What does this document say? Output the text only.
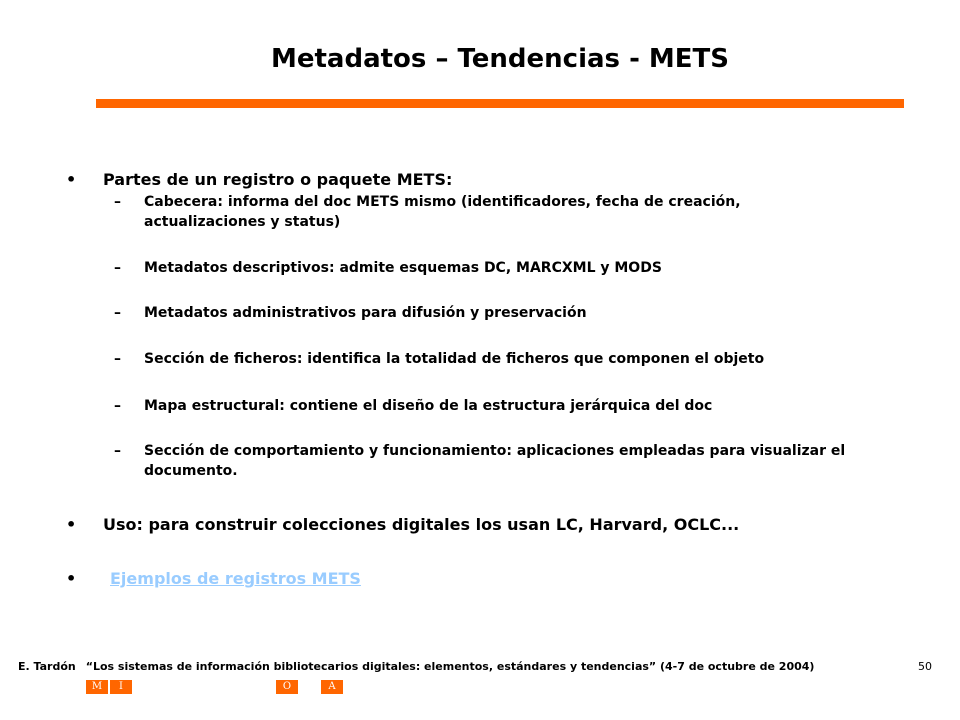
Metadatos – Tendencias - METS
• Partes de un registro o paquete METS:
– Cabecera: informa del doc METS mismo (identificadores, fecha de creación, actualizaciones y status)
– Metadatos descriptivos: admite esquemas DC, MARCXML y MODS
– Metadatos administrativos para difusión y preservación
– Sección de ficheros: identifica la totalidad de ficheros que componen el objeto
– Mapa estructural: contiene el diseño de la estructura jerárquica del doc
– Sección de comportamiento y funcionamiento: aplicaciones empleadas para visualizar el documento.
• Uso: para construir colecciones digitales los usan LC, Harvard, OCLC...
• Ejemplos de registros METS
E. Tardón “Los sistemas de información bibliotecarios digitales: elementos, estándares y tendencias” (4-7 de octubre de 2004)	50
M	I	O	A
